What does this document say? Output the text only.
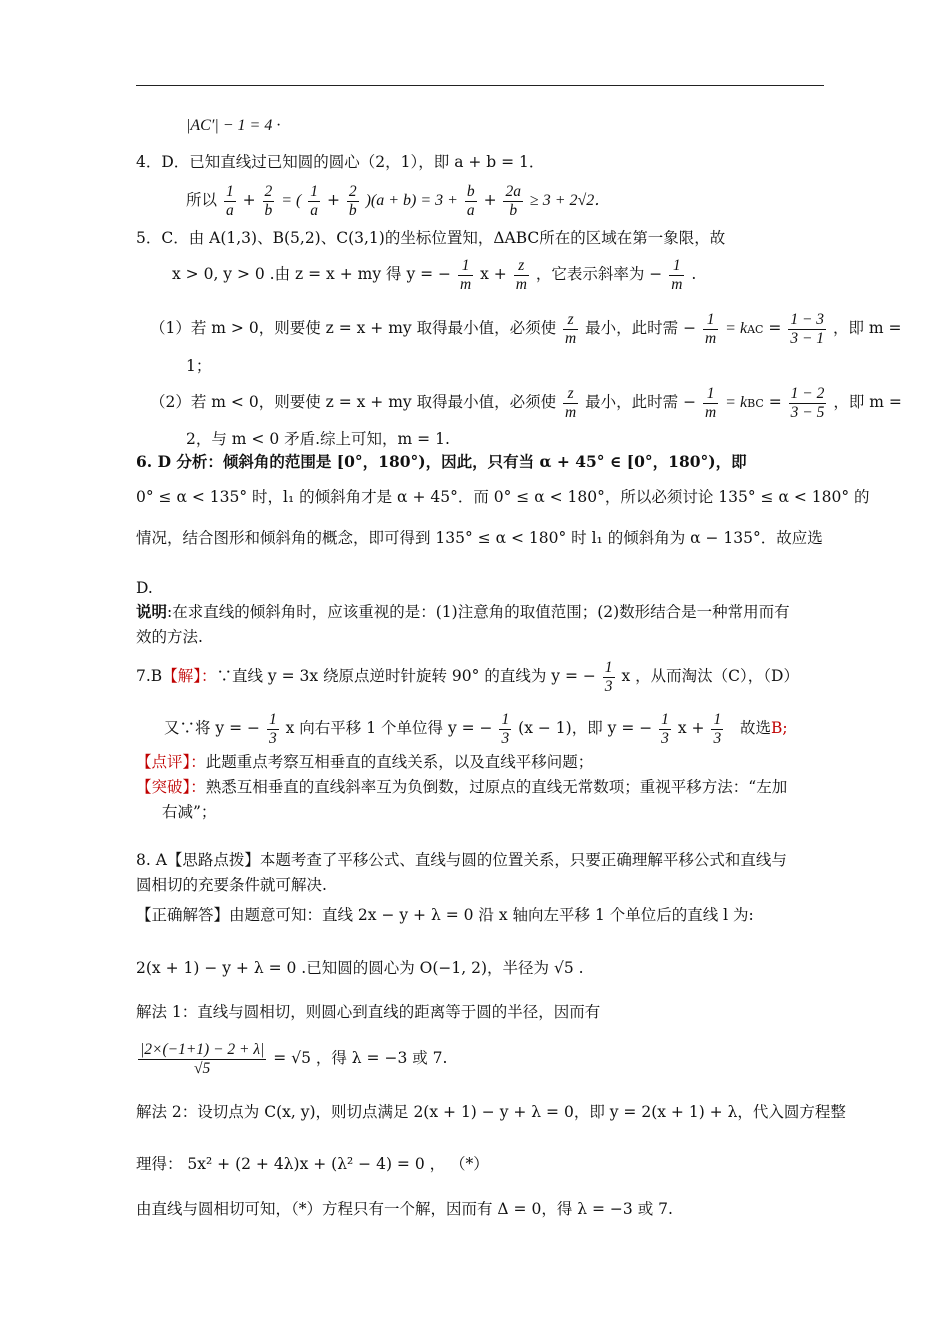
|AC′| − 1 = 4 ·
4．D．已知直线过已知圆的圆心（2，1），即 a + b = 1．
所以 $\frac{1}{a} + \frac{2}{b}$ = ( $\frac{1}{a} + \frac{2}{b} )(a + b) = 3 + \frac{b}{a} + \frac{2a}{b} \ge 3 + 2√2$．
5．C．由 A(1,3)、B(5,2)、C(3,1)的坐标位置知，ΔABC所在的区域在第一象限，故
x > 0, y > 0 .由 z = x + my 得 y = − $\frac{1}{m}$ $x + \frac{z}{m}$ ，它表示斜率为 − $\frac{1}{m}$ .
（1）若 m > 0，则要使 z = x + my 取得最小值，必须使 $\frac{z}{m}$ 最小，此时需 − $\frac{1}{m}$ = kAC = $\frac{1 - 3}{3 - 1}$ ，即 m =
1；
（2）若 m < 0，则要使 z = x + my 取得最小值，必须使 $\frac{z}{m}$ 最小，此时需 − $\frac{1}{m}$ = kBC = $\frac{1 - 2}{3 - 5}$ ，即 m =
2，与 m < 0 矛盾.综上可知，m = 1.
6. D 分析：倾斜角的范围是 [0°，180°)，因此，只有当 α + 45° ∈ [0°，180°)，即
0° ≤ α < 135° 时，l₁ 的倾斜角才是 α + 45°．而 0° ≤ α < 180°，所以必须讨论 135° ≤ α < 180° 的
情况，结合图形和倾斜角的概念，即可得到 135° ≤ α < 180° 时 l₁ 的倾斜角为 α − 135°．故应选
D.
说明:在求直线的倾斜角时，应该重视的是：(1)注意角的取值范围；(2)数形结合是一种常用而有
效的方法.
7.B【解】：∵直线 y = 3x 绕原点逆时针旋转 90° 的直线为 y = − $\frac{1}{3}$ x ，从而淘汰（C），（D）
又∵将 y = − $\frac{1}{3}$ x 向右平移 1 个单位得 y = − $\frac{1}{3} (x - 1)$，即 y = − $\frac{1}{3}$ $x + \frac{1}{3}$ 故选B;
【点评】：此题重点考察互相垂直的直线关系，以及直线平移问题；
【突破】：熟悉互相垂直的直线斜率互为负倒数，过原点的直线无常数项；重视平移方法：“左加
右减”；
8. A【思路点拨】本题考查了平移公式、直线与圆的位置关系，只要正确理解平移公式和直线与
圆相切的充要条件就可解决.
【正确解答】由题意可知：直线 2x − y + λ = 0 沿 x 轴向左平移 1 个单位后的直线 l 为:
2(x + 1) − y + λ = 0 .已知圆的圆心为 O(−1, 2)，半径为 √5 .
解法 1：直线与圆相切，则圆心到直线的距离等于圆的半径，因而有
$\frac{|2\times(-1+1) - 2 + \lambda|}{√5} = √5$ ，得 λ = −3 或 7.
解法 2：设切点为 C(x, y)，则切点满足 2(x + 1) − y + λ = 0，即 y = 2(x + 1) + λ，代入圆方程整
理得： 5x² + (2 + 4λ)x + (λ² − 4) = 0 ， （*）
由直线与圆相切可知，（*）方程只有一个解，因而有 Δ = 0，得 λ = −3 或 7.
